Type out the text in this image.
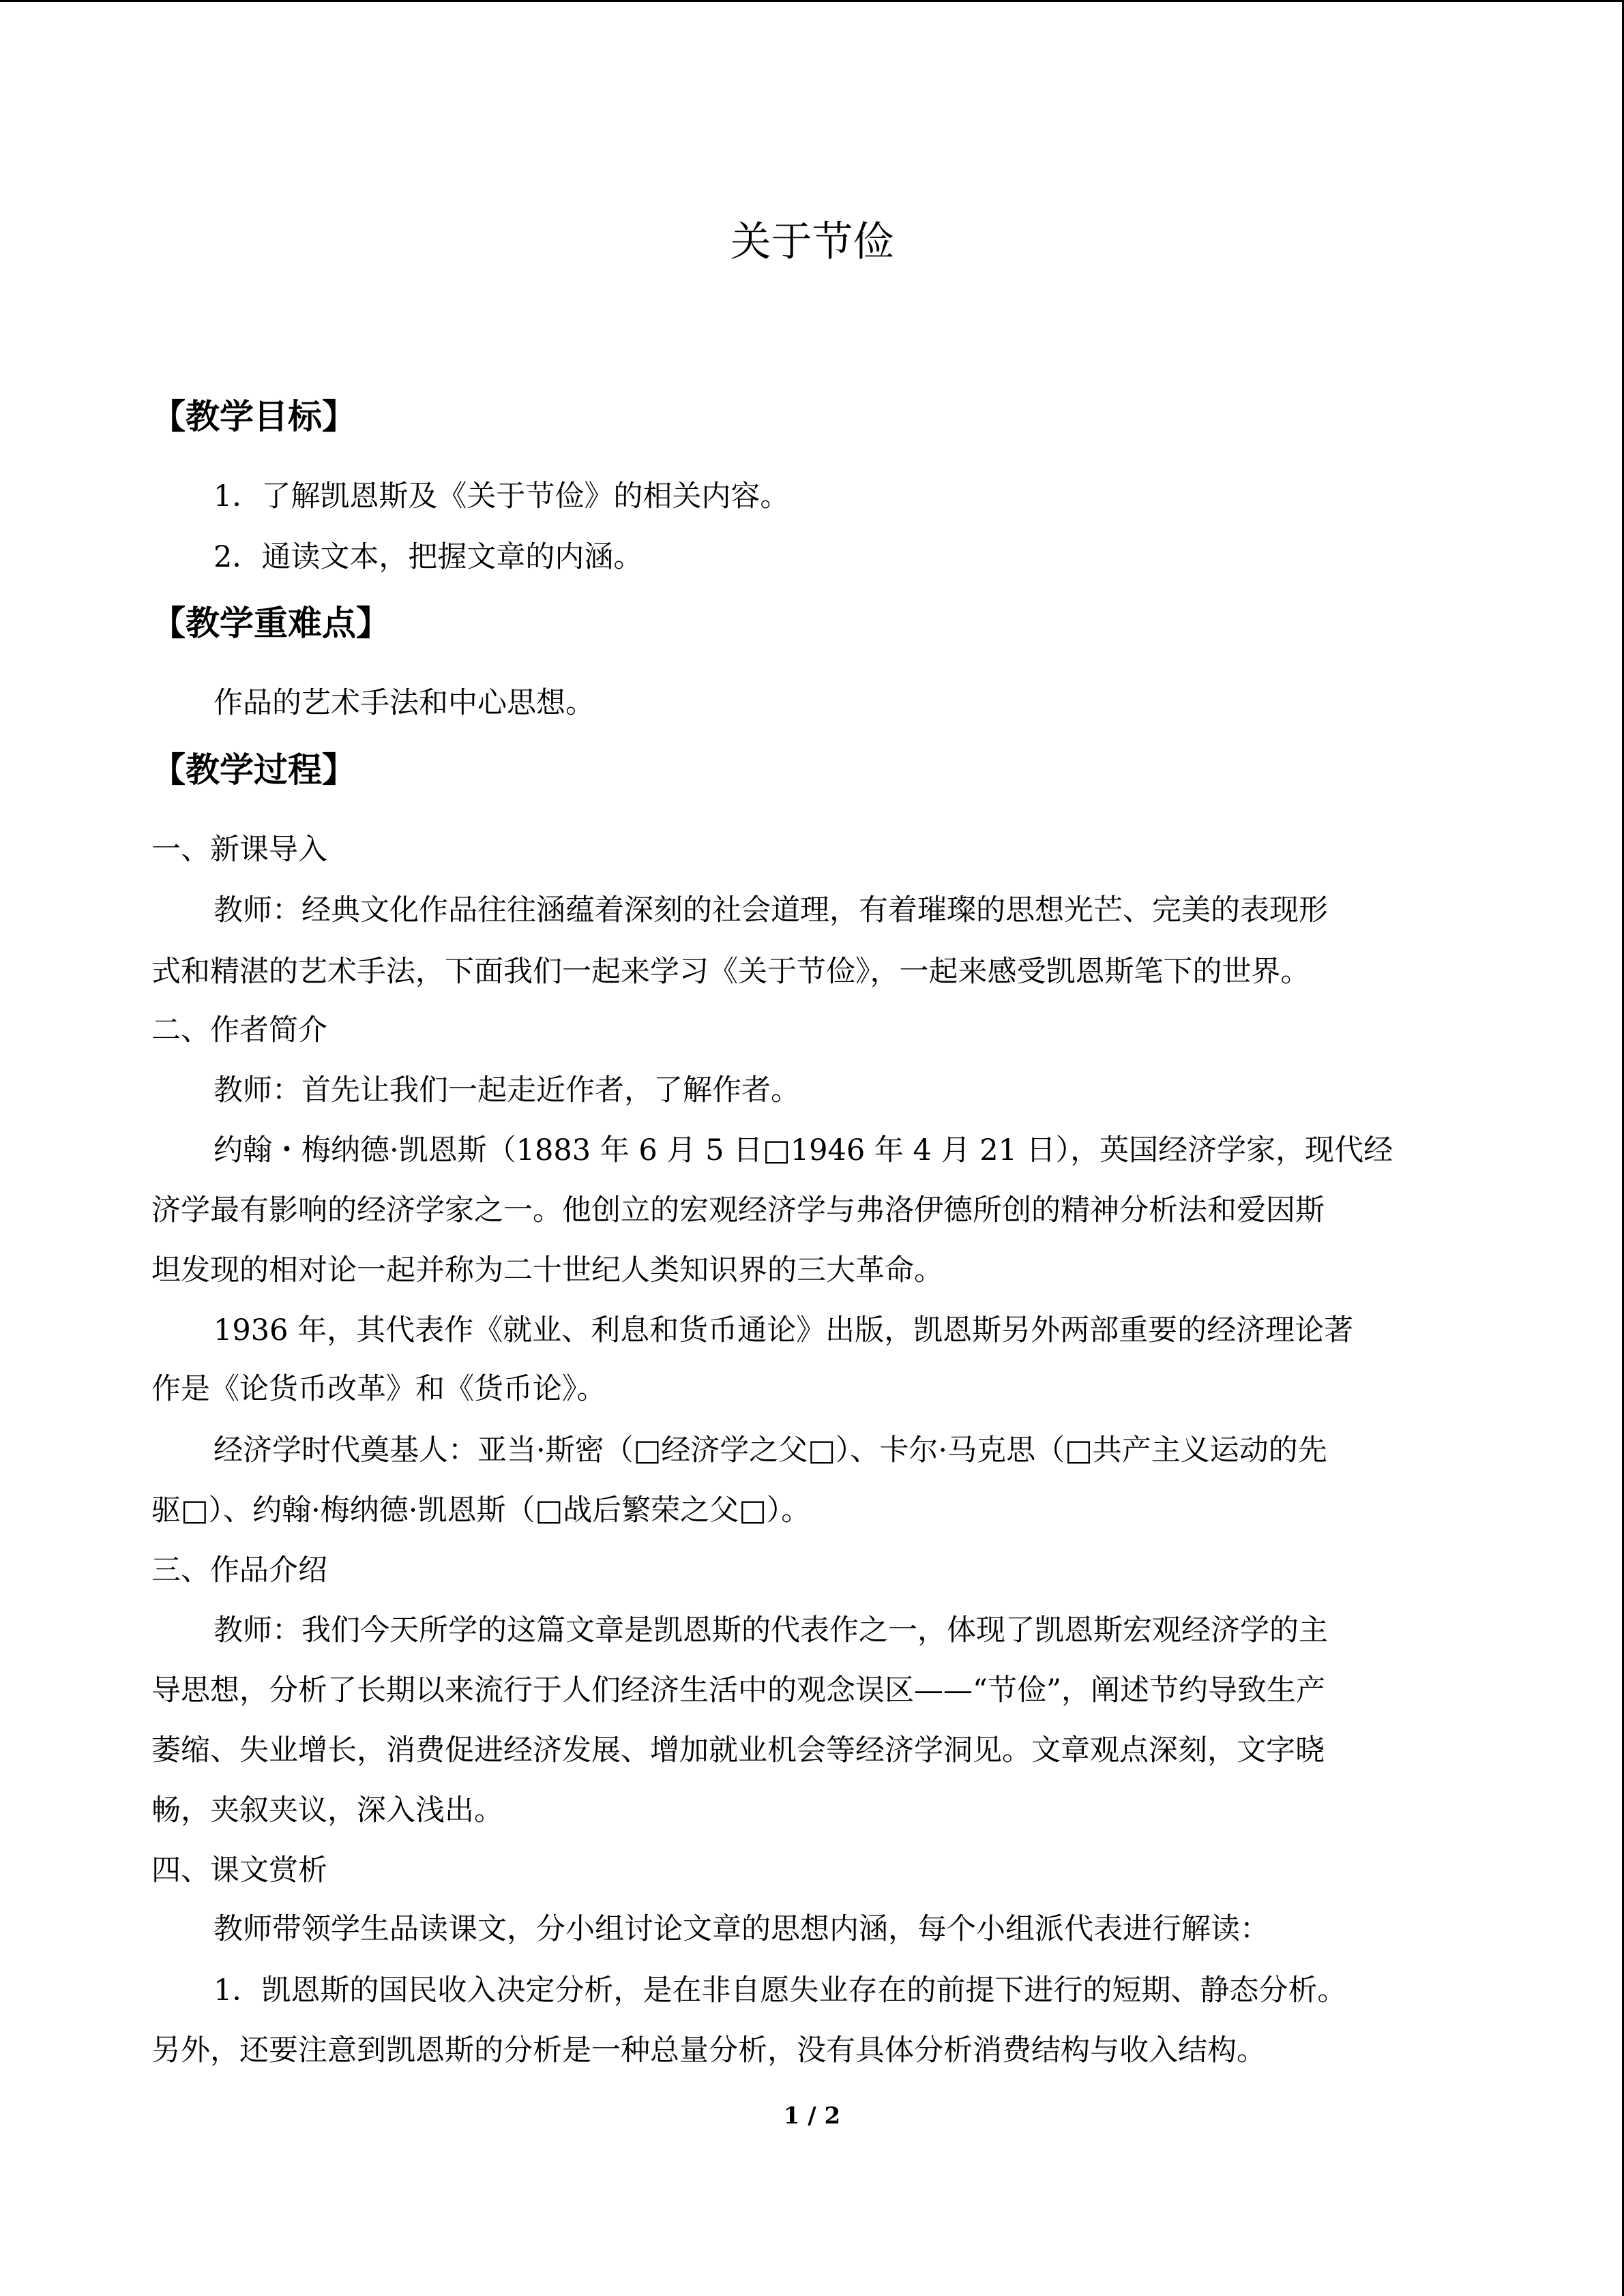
关于节俭
【教学目标】
1．了解凯恩斯及《关于节俭》的相关内容。
2．通读文本，把握文章的内涵。
【教学重难点】
作品的艺术手法和中心思想。
【教学过程】
一、新课导入
教师：经典文化作品往往涵蕴着深刻的社会道理，有着璀璨的思想光芒、完美的表现形
式和精湛的艺术手法，下面我们一起来学习《关于节俭》，一起来感受凯恩斯笔下的世界。
二、作者简介
教师：首先让我们一起走近作者，了解作者。
约翰・梅纳德·凯恩斯（1883 年 6 月 5 日□1946 年 4 月 21 日），英国经济学家，现代经
济学最有影响的经济学家之一。他创立的宏观经济学与弗洛伊德所创的精神分析法和爱因斯
坦发现的相对论一起并称为二十世纪人类知识界的三大革命。
1936 年，其代表作《就业、利息和货币通论》出版，凯恩斯另外两部重要的经济理论著
作是《论货币改革》和《货币论》。
经济学时代奠基人：亚当·斯密（□经济学之父□）、卡尔·马克思（□共产主义运动的先
驱□）、约翰·梅纳德·凯恩斯（□战后繁荣之父□）。
三、作品介绍
教师：我们今天所学的这篇文章是凯恩斯的代表作之一，体现了凯恩斯宏观经济学的主
导思想，分析了长期以来流行于人们经济生活中的观念误区——“节俭”，阐述节约导致生产
萎缩、失业增长，消费促进经济发展、增加就业机会等经济学洞见。文章观点深刻，文字晓
畅，夹叙夹议，深入浅出。
四、课文赏析
教师带领学生品读课文，分小组讨论文章的思想内涵，每个小组派代表进行解读：
1．凯恩斯的国民收入决定分析，是在非自愿失业存在的前提下进行的短期、静态分析。
另外，还要注意到凯恩斯的分析是一种总量分析，没有具体分析消费结构与收入结构。
1 / 2
